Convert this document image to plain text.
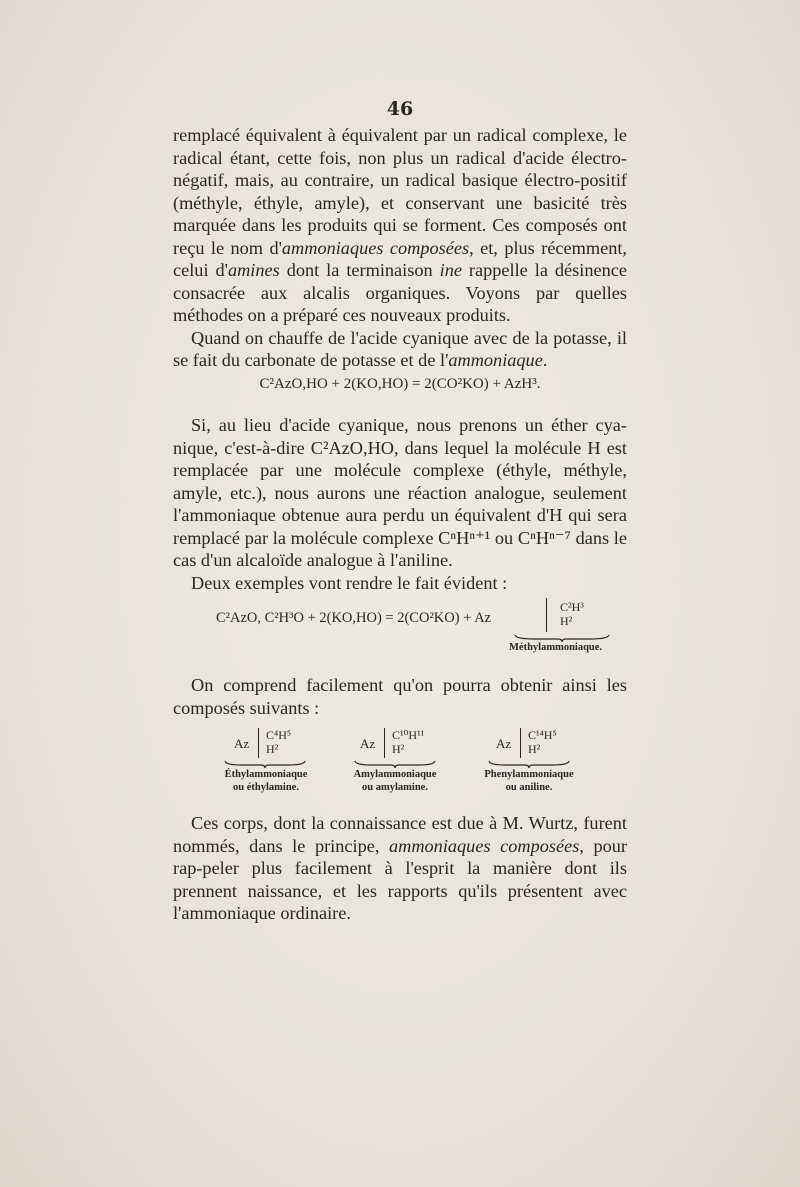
46

remplacé équivalent à équivalent par un radical complexe, le radical étant, cette fois, non plus un radical d'acide électro-négatif, mais, au contraire, un radical basique électro-positif (méthyle, éthyle, amyle), et conservant une basicité très marquée dans les produits qui se forment. Ces composés ont reçu le nom d'ammoniaques composées, et, plus récemment, celui d'amines dont la terminaison ine rappelle la désinence consacrée aux alcalis organiques. Voyons par quelles méthodes on a préparé ces nouveaux produits.

Quand on chauffe de l'acide cyanique avec de la potasse, il se fait du carbonate de potasse et de l'ammoniaque.

C²AzO,HO + 2(KO,HO) = 2(CO²KO) + AzH³.

Si, au lieu d'acide cyanique, nous prenons un éther cya-nique, c'est-à-dire C²AzO,HO, dans lequel la molécule H est remplacée par une molécule complexe (éthyle, méthyle, amyle, etc.), nous aurons une réaction analogue, seulement l'ammoniaque obtenue aura perdu un équivalent d'H qui sera remplacé par la molécule complexe CⁿHⁿ⁺¹ ou CⁿHⁿ⁻⁷ dans le cas d'un alcaloïde analogue à l'aniline.

Deux exemples vont rendre le fait évident :

C²AzO, C²H³O + 2(KO,HO) = 2(CO²KO) + Az
C²H³
H²
Méthylammoniaque.

On comprend facilement qu'on pourra obtenir ainsi les composés suivants :

Az
C⁴H⁵
H²
Éthylammoniaque
ou éthylamine.
Az
C¹⁰H¹¹
H²
Amylammoniaque
ou amylamine.
Az
C¹⁴H⁵
H²
Phenylammoniaque
ou aniline.

Ces corps, dont la connaissance est due à M. Wurtz, furent nommés, dans le principe, ammoniaques composées, pour rap-peler plus facilement à l'esprit la manière dont ils prennent naissance, et les rapports qu'ils présentent avec l'ammoniaque ordinaire.
